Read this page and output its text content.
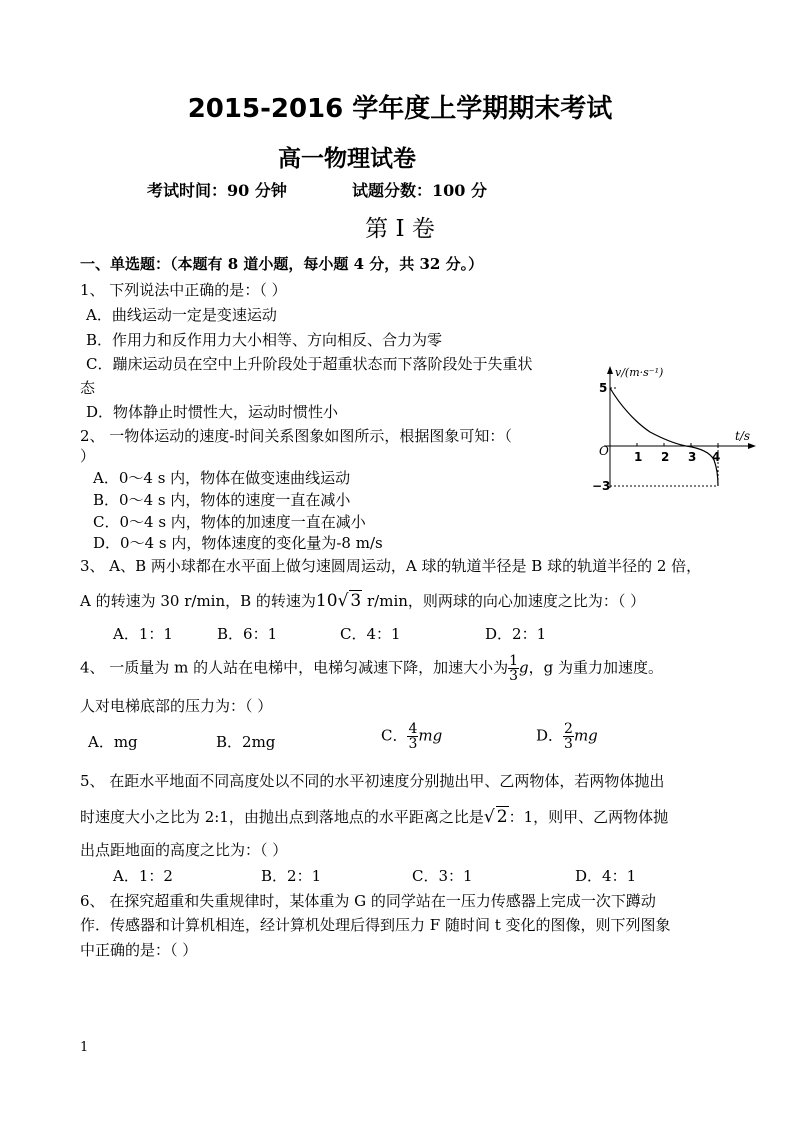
2015-2016 学年度上学期期末考试
高一物理试卷
考试时间：90 分钟	试题分数：100 分
第 I 卷
一、单选题：（本题有 8 道小题，每小题 4 分，共 32 分。）
1、 下列说法中正确的是：（ ）
A．曲线运动一定是变速运动
B．作用力和反作用力大小相等、方向相反、合力为零
C．蹦床运动员在空中上升阶段处于超重状态而下落阶段处于失重状
态
D．物体静止时惯性大，运动时惯性小
2、 一物体运动的速度-时间关系图象如图所示，根据图象可知：（
）
A．0～4 s 内，物体在做变速曲线运动
B．0～4 s 内，物体的速度一直在减小
C．0～4 s 内，物体的加速度一直在减小
D．0～4 s 内，物体速度的变化量为-8 m/s
v/(m·s⁻¹)
t/s
O
5
−3
1 2 3 4
3、 A、B 两小球都在水平面上做匀速圆周运动，A 球的轨道半径是 B 球的轨道半径的 2 倍，
A 的转速为 30 r/min，B 的转速为10√ 3 r/min，则两球的向心加速度之比为：（ ）
A．1：1	B．6：1	C．4：1	D．2：1
4、 一质量为 m 的人站在电梯中，电梯匀减速下降，加速大小为 $\frac{1}{3}$ g，g 为重力加速度。
人对电梯底部的压力为：（ ）
A．mg	B．2mg	C． $\frac{4}{3}$ mg	D． $\frac{2}{3}$ mg
5、 在距水平地面不同高度处以不同的水平初速度分别抛出甲、乙两物体，若两物体抛出
时速度大小之比为 2:1，由抛出点到落地点的水平距离之比是√ 2：1，则甲、乙两物体抛
出点距地面的高度之比为：（ ）
A．1：2	B．2：1	C．3：1	D．4：1
6、 在探究超重和失重规律时，某体重为 G 的同学站在一压力传感器上完成一次下蹲动
作．传感器和计算机相连，经计算机处理后得到压力 F 随时间 t 变化的图像，则下列图象
中正确的是：（ ）
1
